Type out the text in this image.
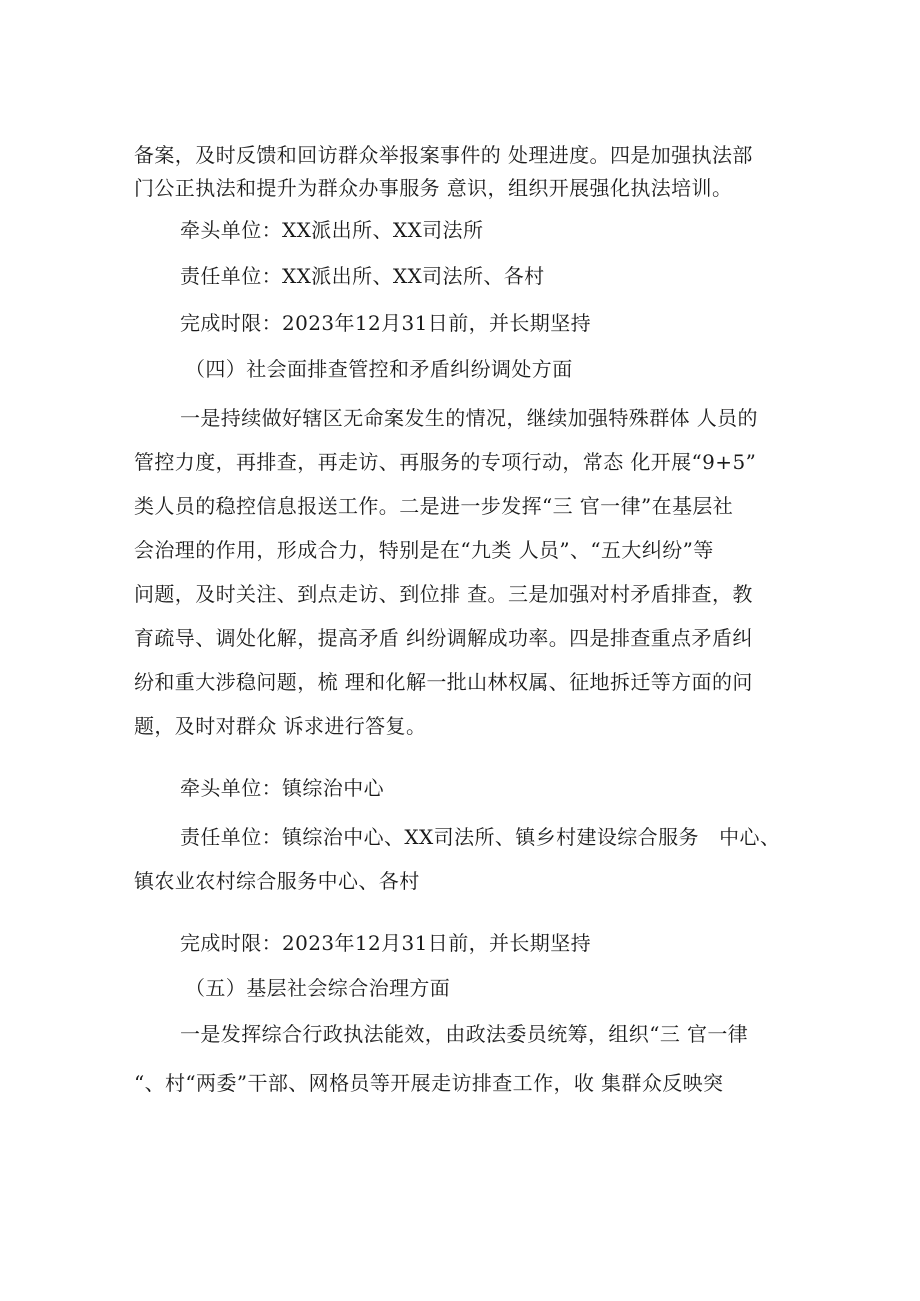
备案，及时反馈和回访群众举报案事件的 处理进度。四是加强执法部
门公正执法和提升为群众办事服务 意识，组织开展强化执法培训。
牵头单位：XX派出所、XX司法所
责任单位：XX派出所、XX司法所、各村
完成时限：2023年12月31日前，并长期坚持
（四）社会面排查管控和矛盾纠纷调处方面
一是持续做好辖区无命案发生的情况，继续加强特殊群体 人员的
管控力度，再排查，再走访、再服务的专项行动，常态 化开展“9+5”
类人员的稳控信息报送工作。二是进一步发挥“三 官一律”在基层社
会治理的作用，形成合力，特别是在“九类 人员”、“五大纠纷”等
问题，及时关注、到点走访、到位排 查。三是加强对村矛盾排查，教
育疏导、调处化解，提高矛盾 纠纷调解成功率。四是排查重点矛盾纠
纷和重大涉稳问题，梳 理和化解一批山林权属、征地拆迁等方面的问
题，及时对群众 诉求进行答复。
牵头单位：镇综治中心
责任单位：镇综治中心、XX司法所、镇乡村建设综合服务   中心、
镇农业农村综合服务中心、各村
完成时限：2023年12月31日前，并长期坚持
（五）基层社会综合治理方面
一是发挥综合行政执法能效，由政法委员统筹，组织“三 官一律
“、村“两委”干部、网格员等开展走访排查工作，收 集群众反映突
